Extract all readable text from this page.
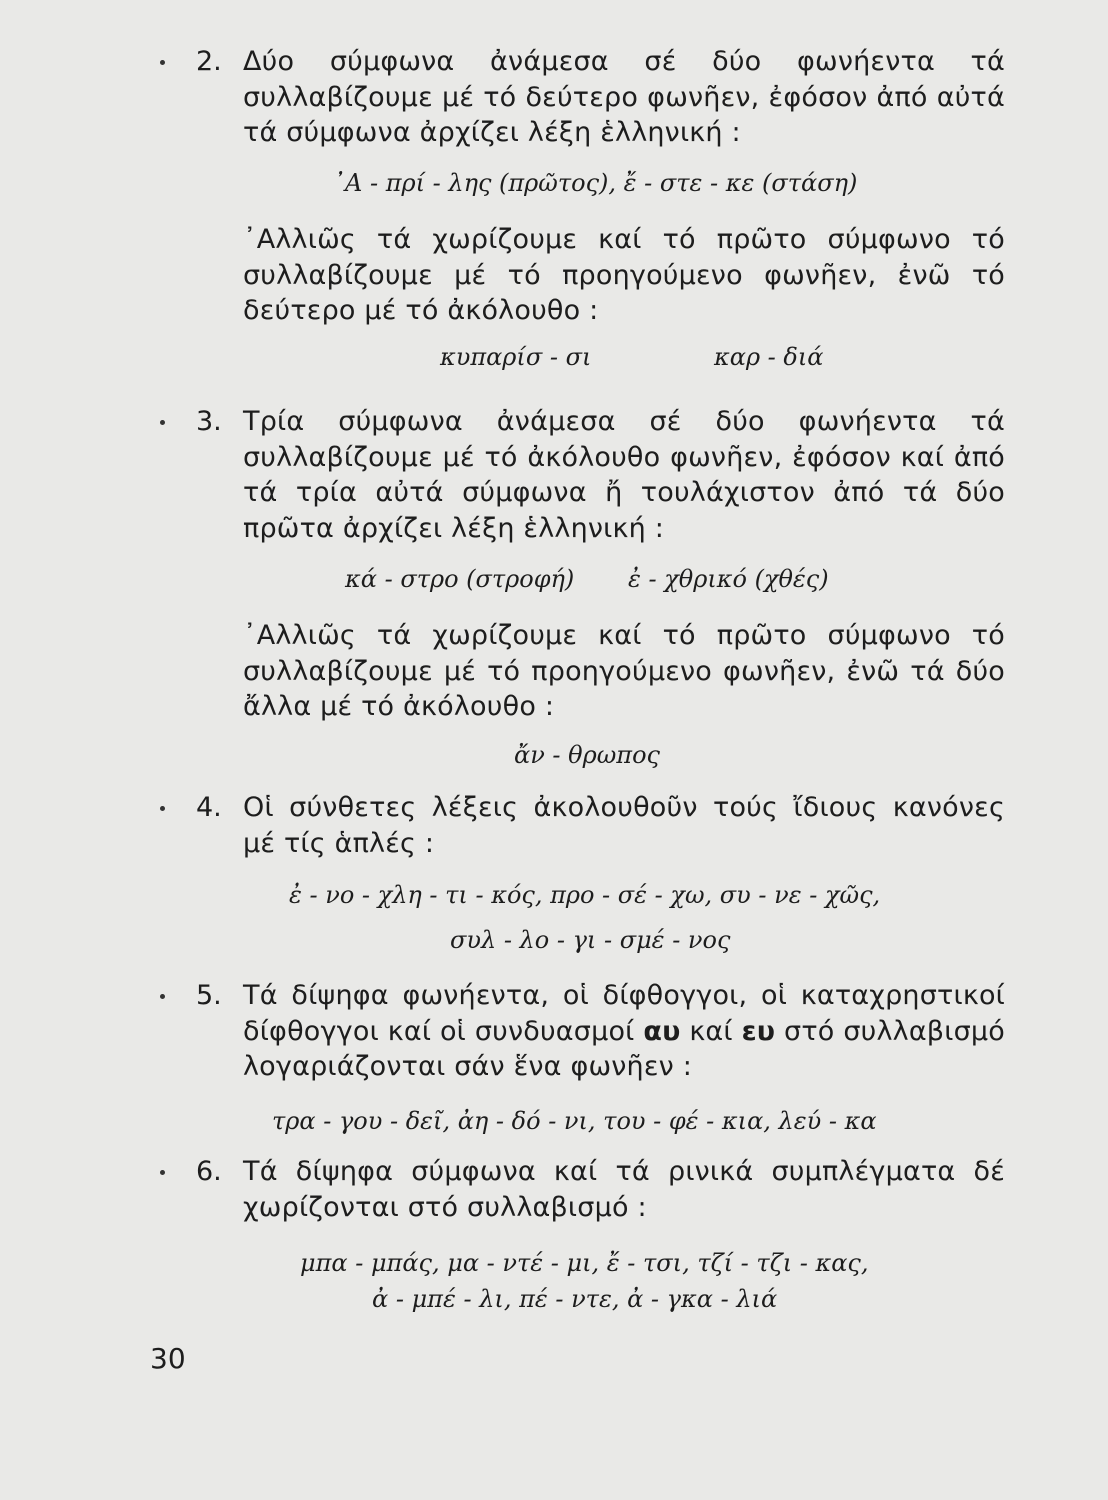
2. Δύο σύμφωνα ἀνάμεσα σέ δύο φωνήεντα τά συλλαβίζουμε μέ τό δεύτερο φωνῆεν, ἐφόσον ἀπό αὐτά τά σύμφωνα ἀρχίζει λέξη ἑλληνική :
᾽Α - πρί - λης (πρῶτος), ἔ - στε - κε (στάση)
᾽Αλλιῶς τά χωρίζουμε καί τό πρῶτο σύμφωνο τό συλλαβίζουμε μέ τό προηγούμενο φωνῆεν, ἐνῶ τό δεύτερο μέ τό ἀκόλουθο :
κυπαρίσ - σι	καρ - διά
3. Τρία σύμφωνα ἀνάμεσα σέ δύο φωνήεντα τά συλλαβίζουμε μέ τό ἀκόλουθο φωνῆεν, ἐφόσον καί ἀπό τά τρία αὐτά σύμφωνα ἤ τουλάχιστον ἀπό τά δύο πρῶτα ἀρχίζει λέξη ἑλληνική :
κά - στρο (στροφή) ἐ - χθρικό (χθές)
᾽Αλλιῶς τά χωρίζουμε καί τό πρῶτο σύμφωνο τό συλλαβίζουμε μέ τό προηγούμενο φωνῆεν, ἐνῶ τά δύο ἄλλα μέ τό ἀκόλουθο :
ἄν - θρωπος
4. Οἱ σύνθετες λέξεις ἀκολουθοῦν τούς ἴδιους κανόνες μέ τίς ἁπλές :
ἐ - νο - χλη - τι - κός, προ - σέ - χω, συ - νε - χῶς,
συλ - λο - γι - σμέ - νος
5. Τά δίψηφα φωνήεντα, οἱ δίφθογγοι, οἱ καταχρηστικοί δίφθογγοι καί οἱ συνδυασμοί αυ καί ευ στό συλλαβισμό λογαριάζονται σάν ἕνα φωνῆεν :
τρα - γου - δεῖ, ἀη - δό - νι, του - φέ - κια, λεύ - κα
6. Τά δίψηφα σύμφωνα καί τά ρινικά συμπλέγματα δέ χωρίζονται στό συλλαβισμό :
μπα - μπάς, μα - ντέ - μι, ἔ - τσι, τζί - τζι - κας,
ἀ - μπέ - λι, πέ - ντε, ἀ - γκα - λιά
30
